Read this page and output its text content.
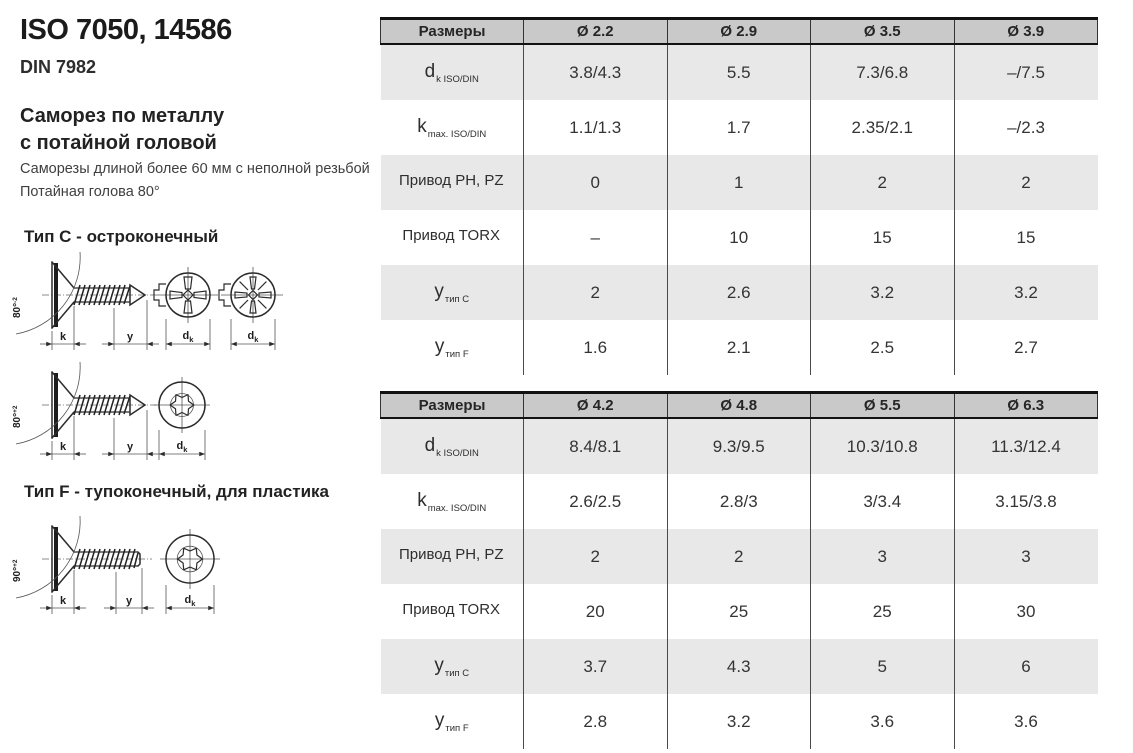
ISO 7050, 14586
DIN 7982
Саморез по металлу
с потайной головой
Саморезы длиной более 60 мм с неполной резьбой
Потайная голова 80°
Тип C - остроконечный
80°$^{-2}$
k	y	$d_k$	$d_k$
80°$^{+2}$
k	y	$d_k$
Тип F - тупоконечный, для пластика
90°$^{+2}$
k	y	$d_k$
Размеры	Ø 2.2	Ø 2.9	Ø 3.5	Ø 3.9
$d_{k ISO/DIN}$	3.8/4.3	5.5	7.3/6.8	–/7.5
$k_{max. ISO/DIN}$	1.1/1.3	1.7	2.35/2.1	–/2.3
Привод PH, PZ	0	1	2	2
Привод TORX	–	10	15	15
$y_{тип C}$	2	2.6	3.2	3.2
$y_{тип F}$	1.6	2.1	2.5	2.7
Размеры	Ø 4.2	Ø 4.8	Ø 5.5	Ø 6.3
$d_{k ISO/DIN}$	8.4/8.1	9.3/9.5	10.3/10.8	11.3/12.4
$k_{max. ISO/DIN}$	2.6/2.5	2.8/3	3/3.4	3.15/3.8
Привод PH, PZ	2	2	3	3
Привод TORX	20	25	25	30
$y_{тип C}$	3.7	4.3	5	6
$y_{тип F}$	2.8	3.2	3.6	3.6
